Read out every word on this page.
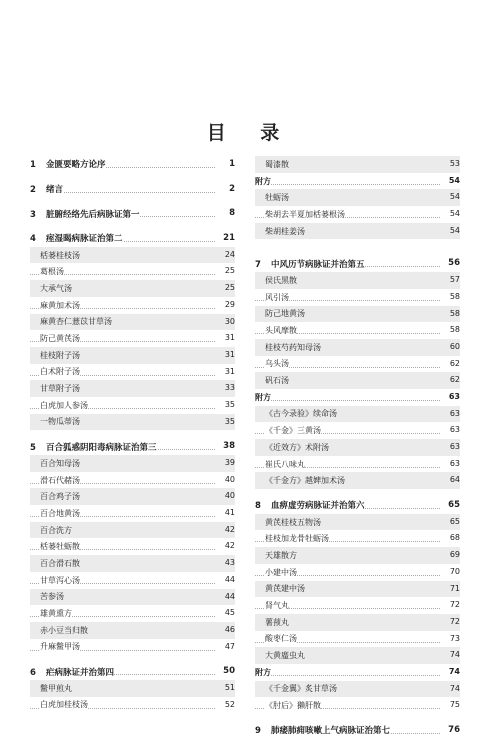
目 录
1 金匮要略方论序	1
2 绪言	2
3 脏腑经络先后病脉证第一	8
4 痓湿暍病脉证治第二	21
栝蒌桂枝汤	24
葛根汤	25
大承气汤	25
麻黄加术汤	29
麻黄杏仁薏苡甘草汤	30
防己黄芪汤	31
桂枝附子汤	31
白术附子汤	31
甘草附子汤	33
白虎加人参汤	35
一物瓜蒂汤	35
5 百合狐惑阴阳毒病脉证治第三	38
百合知母汤	39
滑石代赭汤	40
百合鸡子汤	40
百合地黄汤	41
百合洗方	42
栝蒌牡蛎散	42
百合滑石散	43
甘草泻心汤	44
苦参汤	44
雄黄熏方	45
赤小豆当归散	46
升麻鳖甲汤	47
6 疟病脉证并治第四	50
鳖甲煎丸	51
白虎加桂枝汤	52
蜀漆散	53
附方	54
牡蛎汤	54
柴胡去半夏加栝蒌根汤	54
柴胡桂姜汤	54
7 中风历节病脉证并治第五	56
侯氏黑散	57
风引汤	58
防己地黄汤	58
头风摩散	58
桂枝芍药知母汤	60
乌头汤	62
矾石汤	62
附方	63
《古今录验》续命汤	63
《千金》三黄汤	63
《近效方》术附汤	63
崔氏八味丸	63
《千金方》越婢加术汤	64
8 血痹虚劳病脉证并治第六	65
黄芪桂枝五物汤	65
桂枝加龙骨牡蛎汤	68
天雄散方	69
小建中汤	70
黄芪建中汤	71
肾气丸	72
薯蓣丸	72
酸枣仁汤	73
大黄䗪虫丸	74
附方	74
《千金翼》炙甘草汤	74
《肘后》獭肝散	75
9 肺痿肺痈咳嗽上气病脉证治第七	76
